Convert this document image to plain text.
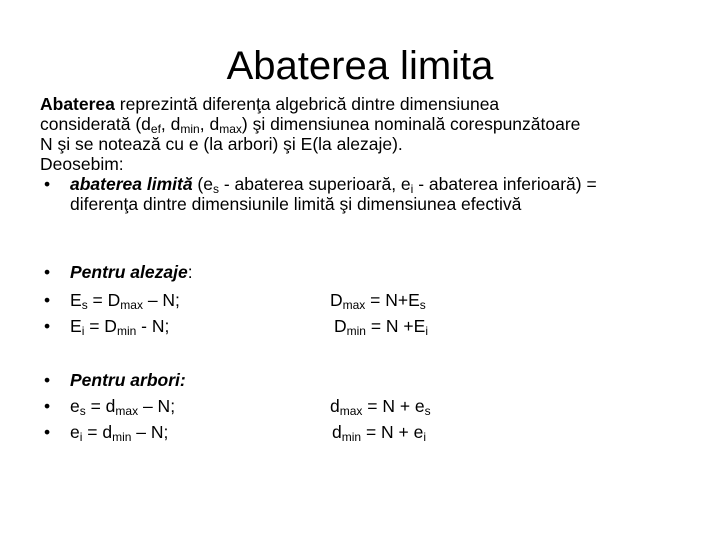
Abaterea limita
Abaterea reprezintă diferenţa algebrică dintre dimensiunea
considerată ($d_{ef}$, $d_{min}$, $d_{max}$) şi dimensiunea nominală corespunzătoare
N şi se notează cu e (la arbori) şi E(la alezaje).
Deosebim:
• abaterea limită ($e_s$ - abaterea superioară, $e_i$ - abaterea inferioară) =
diferenţa dintre dimensiunile limită şi dimensiunea efectivă
• Pentru alezaje:
• $E_s = D_{max} - N$;
• $E_i = D_{min} - N$;
$D_{max} = N+E_s$
$D_{min} = N +E_i$
• Pentru arbori:
• $e_s = d_{max} - N$;
• $e_i = d_{min} - N$;
$d_{max} = N + e_s$
$d_{min} = N + e_i$
